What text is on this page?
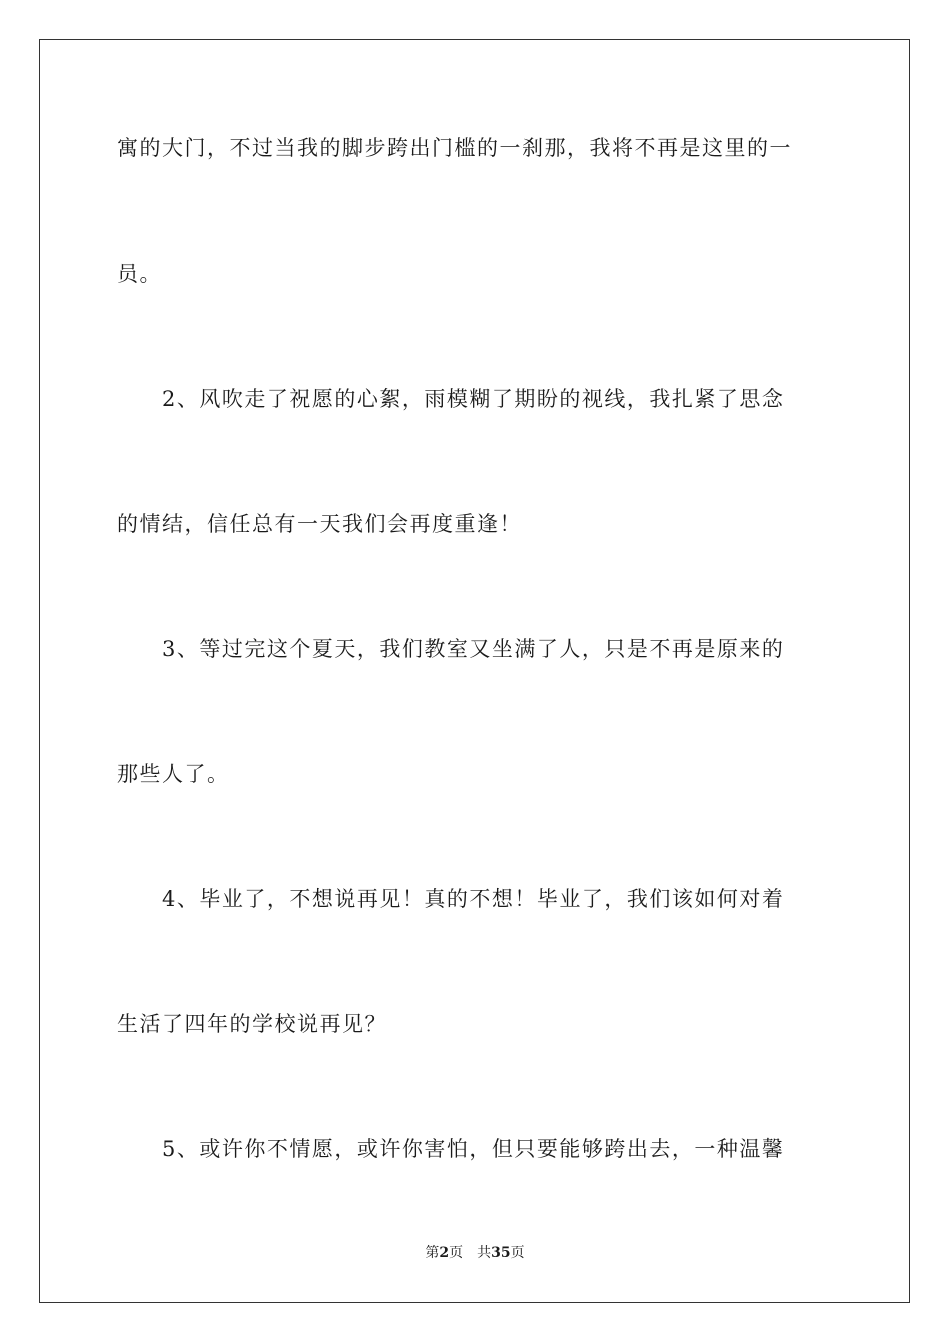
寓的大门，不过当我的脚步跨出门槛的一刹那，我将不再是这里的一
员。
2、风吹走了祝愿的心絮，雨模糊了期盼的视线，我扎紧了思念
的情结，信任总有一天我们会再度重逢！
3、等过完这个夏天，我们教室又坐满了人，只是不再是原来的
那些人了。
4、毕业了，不想说再见！真的不想！毕业了，我们该如何对着
生活了四年的学校说再见？
5、或许你不情愿，或许你害怕，但只要能够跨出去，一种温馨
第2页 共35页
